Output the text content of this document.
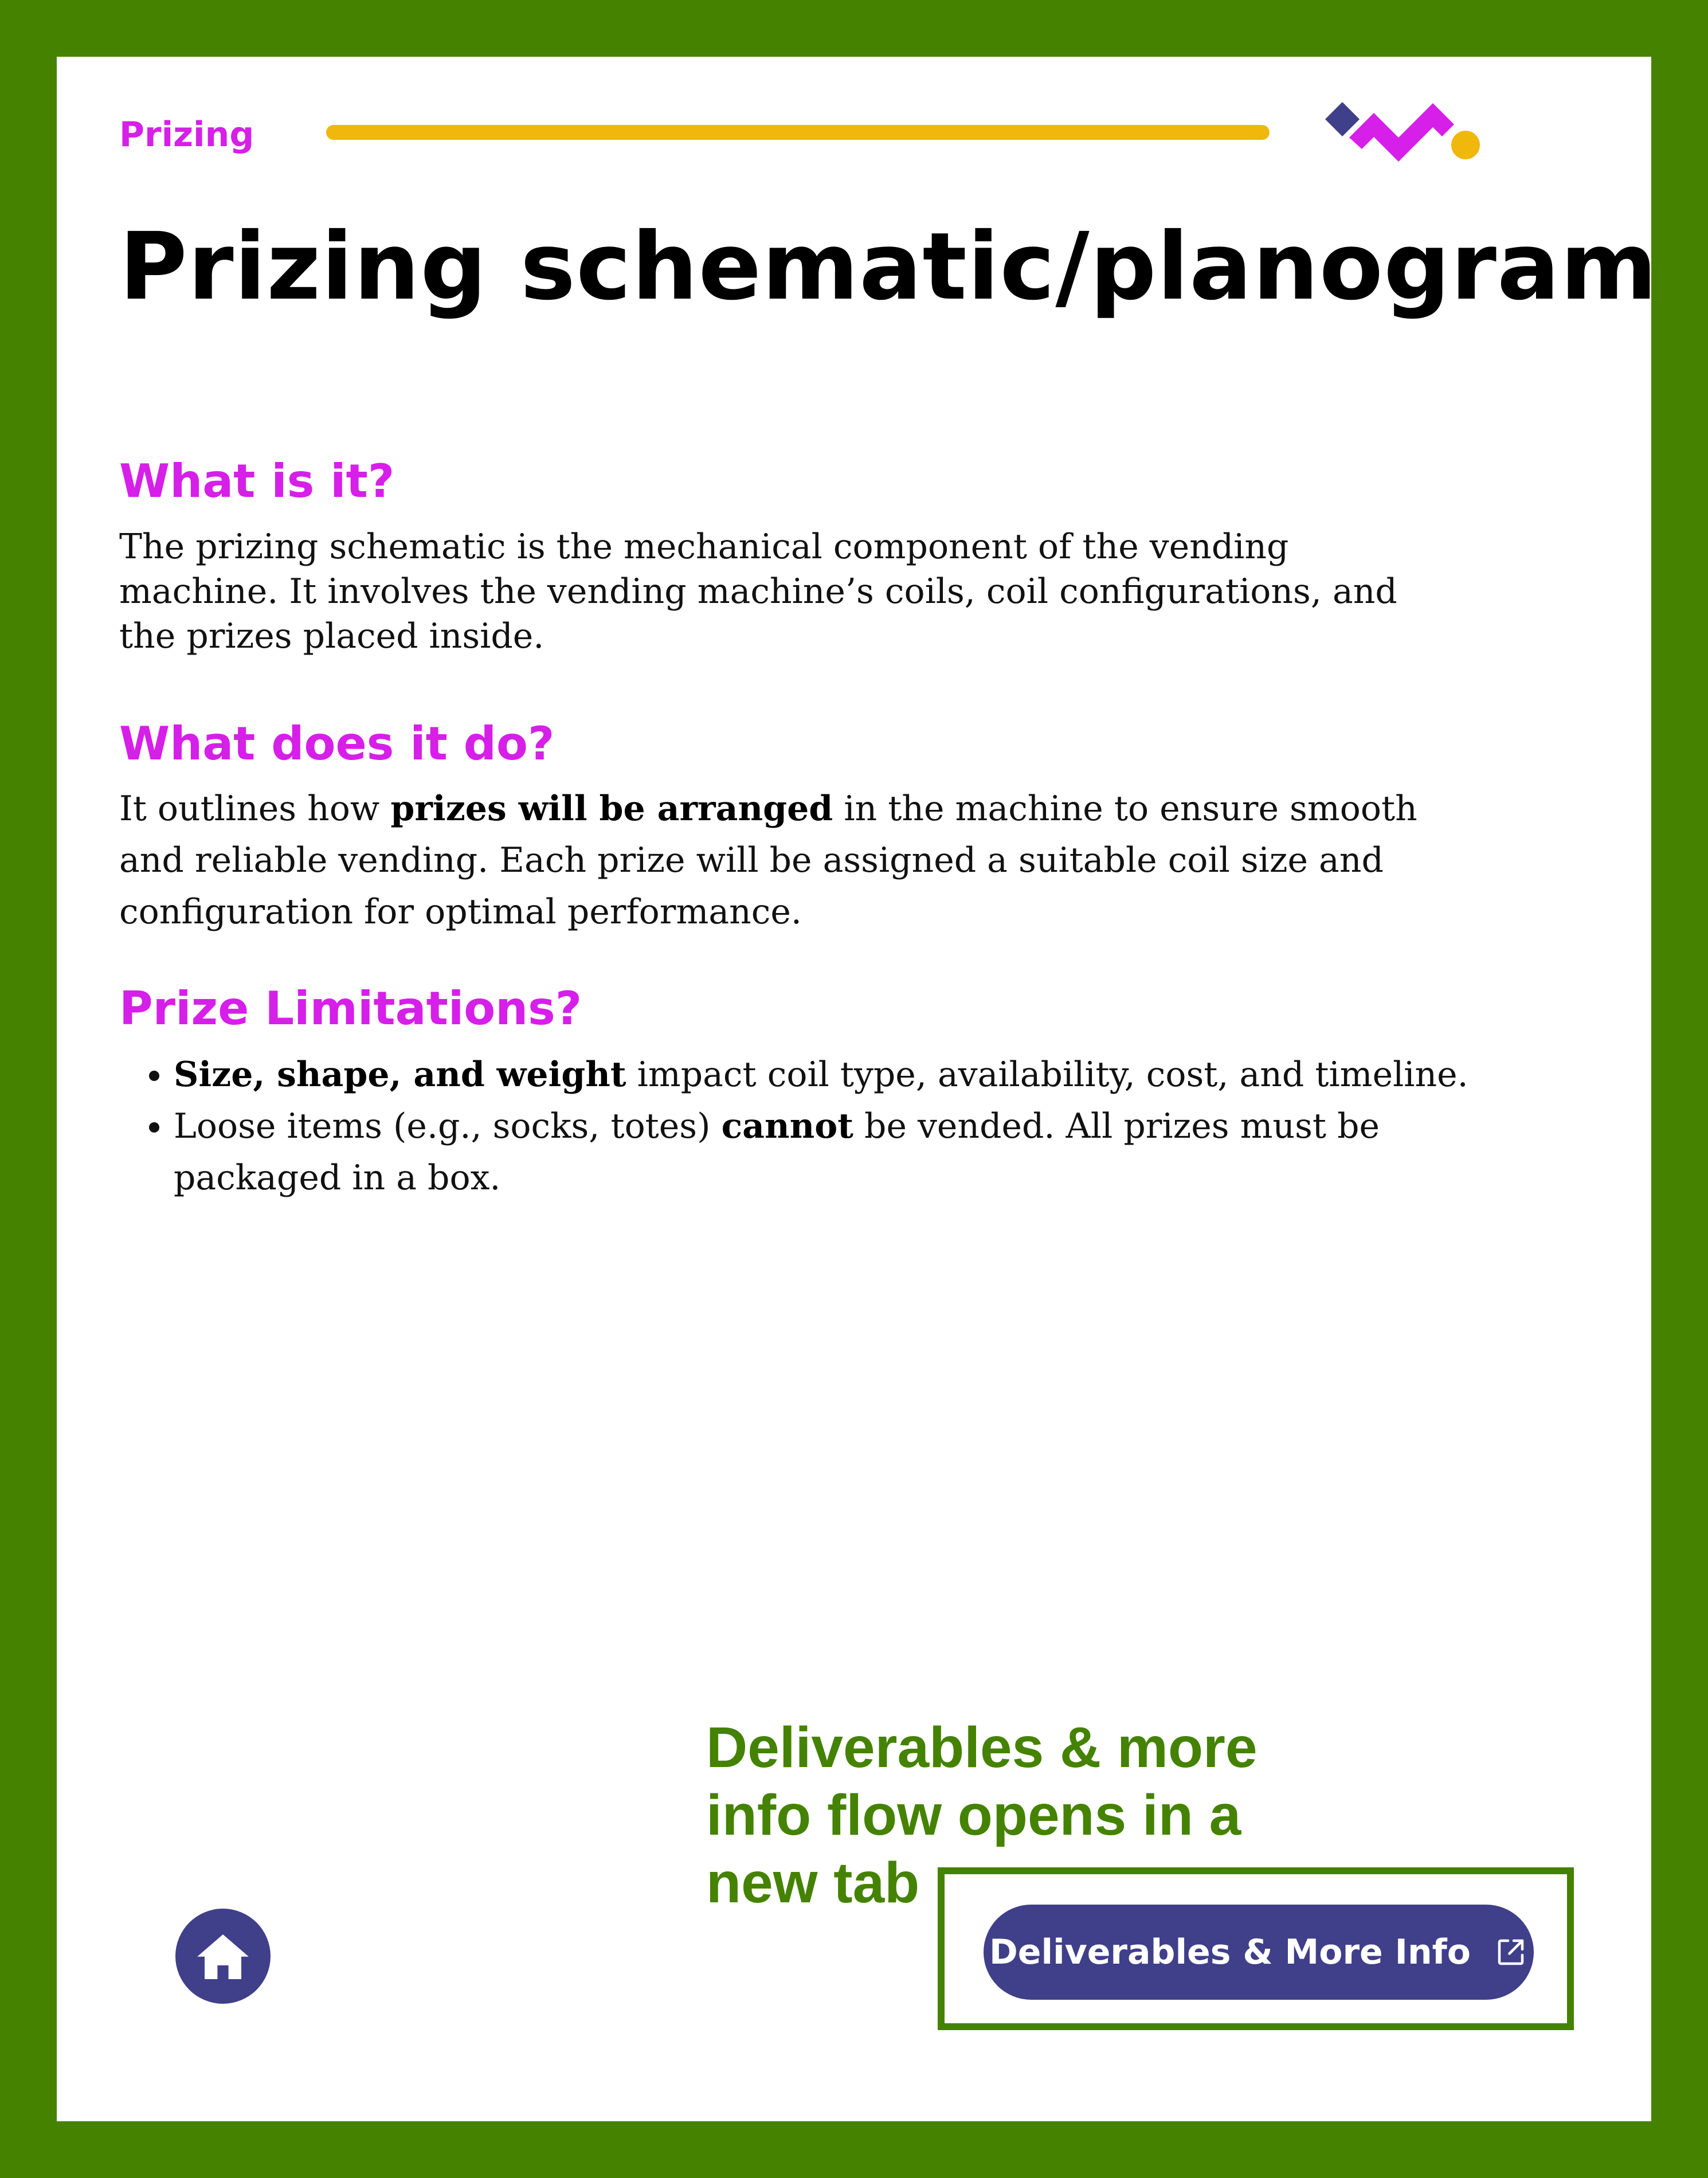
Prizing

Prizing schematic/planogram
What is it?

The prizing schematic is the mechanical component of the vending machine. It involves the vending machine’s coils, coil configurations, and the prizes placed inside.

What does it do?

It outlines how prizes will be arranged in the machine to ensure smooth and reliable vending. Each prize will be assigned a suitable coil size and configuration for optimal performance.

Prize Limitations?
• Size, shape, and weight impact coil type, availability, cost, and timeline.
• Loose items (e.g., socks, totes) cannot be vended. All prizes must be packaged in a box.

Deliverables & more info flow opens in a new tab

Deliverables & More Info
